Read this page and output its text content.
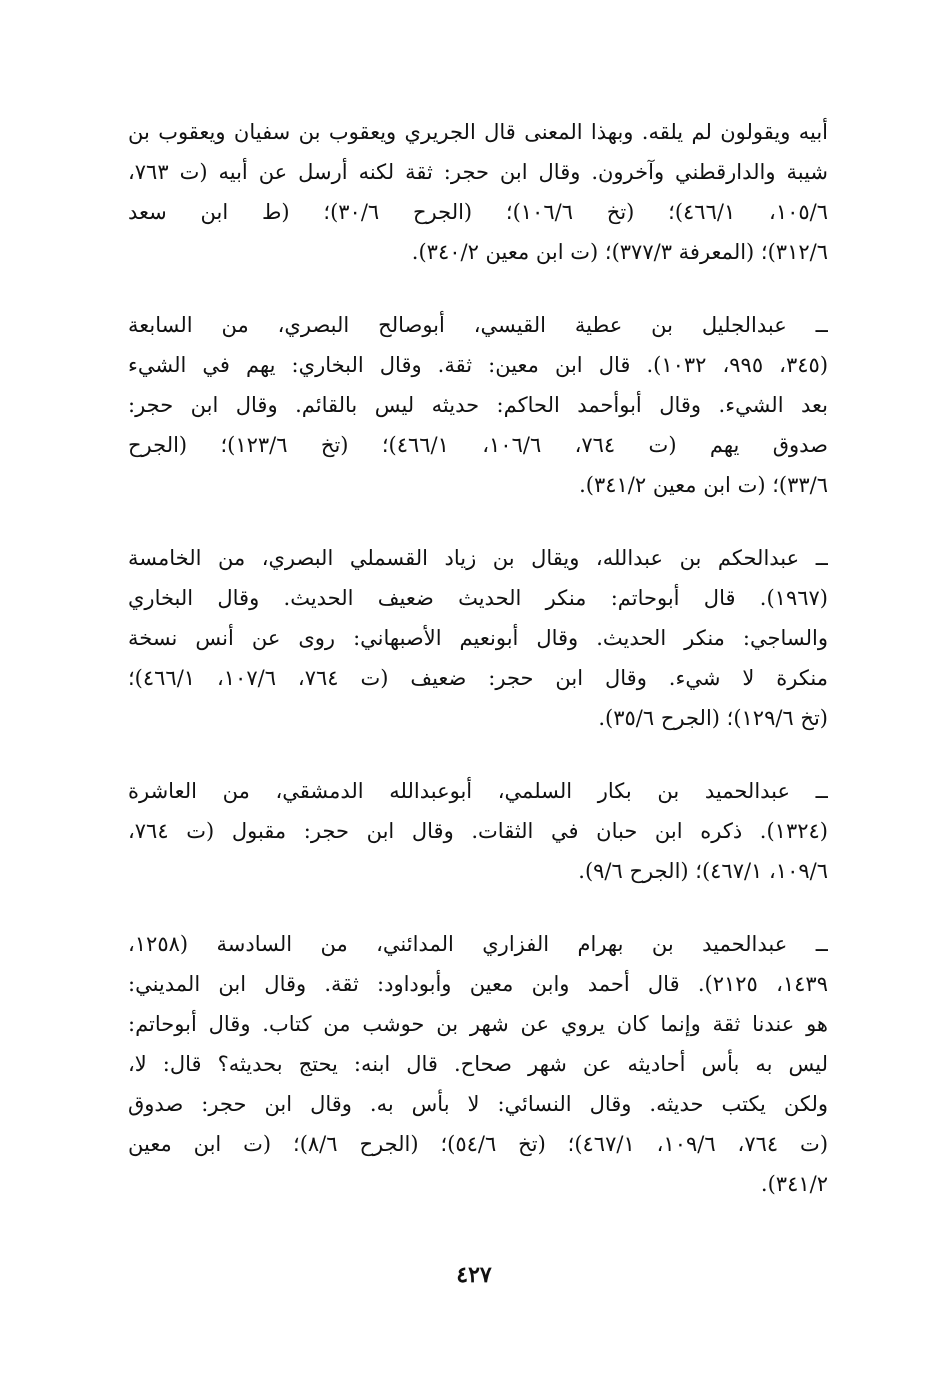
أبيه ويقولون لم يلقه. وبهذا المعنى قال الجريري ويعقوب بن سفيان ويعقوب بن
شيبة والدارقطني وآخرون. وقال ابن حجر: ثقة لكنه أرسل عن أبيه (ت ٧٦٣،
١٠٥/٦، ٤٦٦/١)؛ (تخ ١٠٦/٦)؛ (الجرح ٣٠/٦)؛ (ط ابن سعد
٣١٢/٦)؛ (المعرفة ٣٧٧/٣)؛ (ت ابن معين ٣٤٠/٢).
ــ عبدالجليل بن عطية القيسي، أبوصالح البصري، من السابعة
(٣٤٥، ٩٩٥، ١٠٣٢). قال ابن معين: ثقة. وقال البخاري: يهم في الشيء
بعد الشيء. وقال أبوأحمد الحاكم: حديثه ليس بالقائم. وقال ابن حجر:
صدوق يهم (ت ٧٦٤، ١٠٦/٦، ٤٦٦/١)؛ (تخ ١٢٣/٦)؛ (الجرح
٣٣/٦)؛ (ت ابن معين ٣٤١/٢).
ــ عبدالحكم بن عبدالله، ويقال بن زياد القسملي البصري، من الخامسة
(١٩٦٧). قال أبوحاتم: منكر الحديث ضعيف الحديث. وقال البخاري
والساجي: منكر الحديث. وقال أبونعيم الأصبهاني: روى عن أنس نسخة
منكرة لا شيء. وقال ابن حجر: ضعيف (ت ٧٦٤، ١٠٧/٦، ٤٦٦/١)؛
(تخ ١٢٩/٦)؛ (الجرح ٣٥/٦).
ــ عبدالحميد بن بكار السلمي، أبوعبدالله الدمشقي، من العاشرة
(١٣٢٤). ذكره ابن حبان في الثقات. وقال ابن حجر: مقبول (ت ٧٦٤،
١٠٩/٦، ٤٦٧/١)؛ (الجرح ٩/٦).
ــ عبدالحميد بن بهرام الفزاري المدائني، من السادسة (١٢٥٨،
١٤٣٩، ٢١٢٥). قال أحمد وابن معين وأبوداود: ثقة. وقال ابن المديني:
هو عندنا ثقة وإنما كان يروي عن شهر بن حوشب من كتاب. وقال أبوحاتم:
ليس به بأس أحاديثه عن شهر صحاح. قال ابنه: يحتج بحديثه؟ قال: لا،
ولكن يكتب حديثه. وقال النسائي: لا بأس به. وقال ابن حجر: صدوق
(ت ٧٦٤، ١٠٩/٦، ٤٦٧/١)؛ (تخ ٥٤/٦)؛ (الجرح ٨/٦)؛ (ت ابن معين
٣٤١/٢).
٤٢٧
